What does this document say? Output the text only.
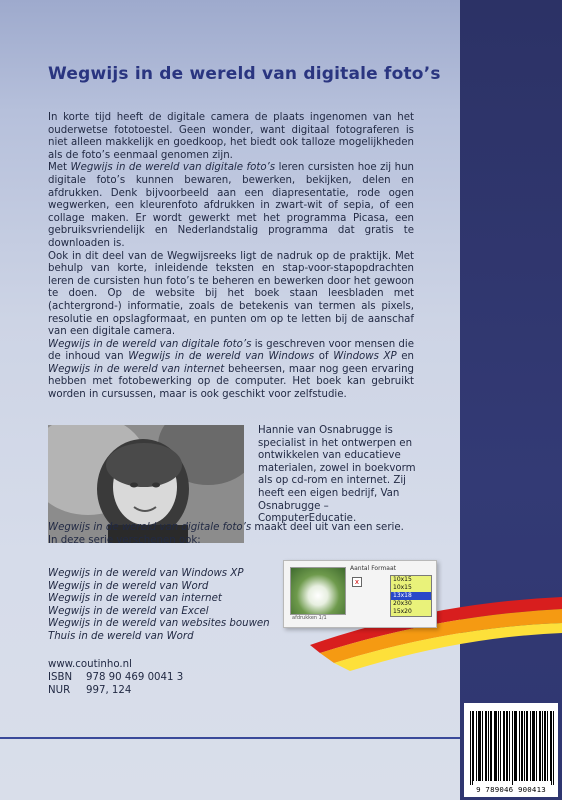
Wegwijs in de wereld van digitale foto’s

In korte tijd heeft de digitale camera de plaats ingenomen van het ouderwetse fototoestel. Geen wonder, want digitaal fotograferen is niet alleen makkelijk en goedkoop, het biedt ook talloze mogelijkheden als de foto’s eenmaal genomen zijn.

Met Wegwijs in de wereld van digitale foto’s leren cursisten hoe zij hun digitale foto’s kunnen bewaren, bewerken, bekijken, delen en afdrukken. Denk bijvoorbeeld aan een diapresentatie, rode ogen wegwerken, een kleurenfoto afdrukken in zwart-wit of sepia, of een collage maken. Er wordt gewerkt met het programma Picasa, een gebruiksvriendelijk en Nederlandstalig programma dat gratis te downloaden is.

Ook in dit deel van de Wegwijsreeks ligt de nadruk op de praktijk. Met behulp van korte, inleidende teksten en stap-voor-stapopdrachten leren de cursisten hun foto’s te beheren en bewerken door het gewoon te doen. Op de website bij het boek staan leesbladen met (achtergrond-) informatie, zoals de betekenis van termen als pixels, resolutie en opslagformaat, en punten om op te letten bij de aanschaf van een digitale camera.

Wegwijs in de wereld van digitale foto’s is geschreven voor mensen die de inhoud van Wegwijs in de wereld van Windows of Windows XP en Wegwijs in de wereld van internet beheersen, maar nog geen ervaring hebben met fotobewerking op de computer. Het boek kan gebruikt worden in cursussen, maar is ook geschikt voor zelfstudie.

Hannie van Osnabrugge is specialist in het ontwerpen en ontwikkelen van educatieve materialen, zowel in boekvorm als op cd-rom en internet. Zij heeft een eigen bedrijf, Van Osnabrugge – ComputerEducatie.
Wegwijs in de wereld van digitale foto’s maakt deel uit van een serie.
In deze serie verschenen ook:
Wegwijs in de wereld van Windows XP
Wegwijs in de wereld van Word
Wegwijs in de wereld van internet
Wegwijs in de wereld van Excel
Wegwijs in de wereld van websites bouwen
Thuis in de wereld van Word
Aantal Formaat
x	10x15
10x15
13x18
20x30
15x20
afdrukken 1/1
www.coutinho.nl
ISBN	978 90 469 0041 3
NUR	997, 124
9 789046 900413
